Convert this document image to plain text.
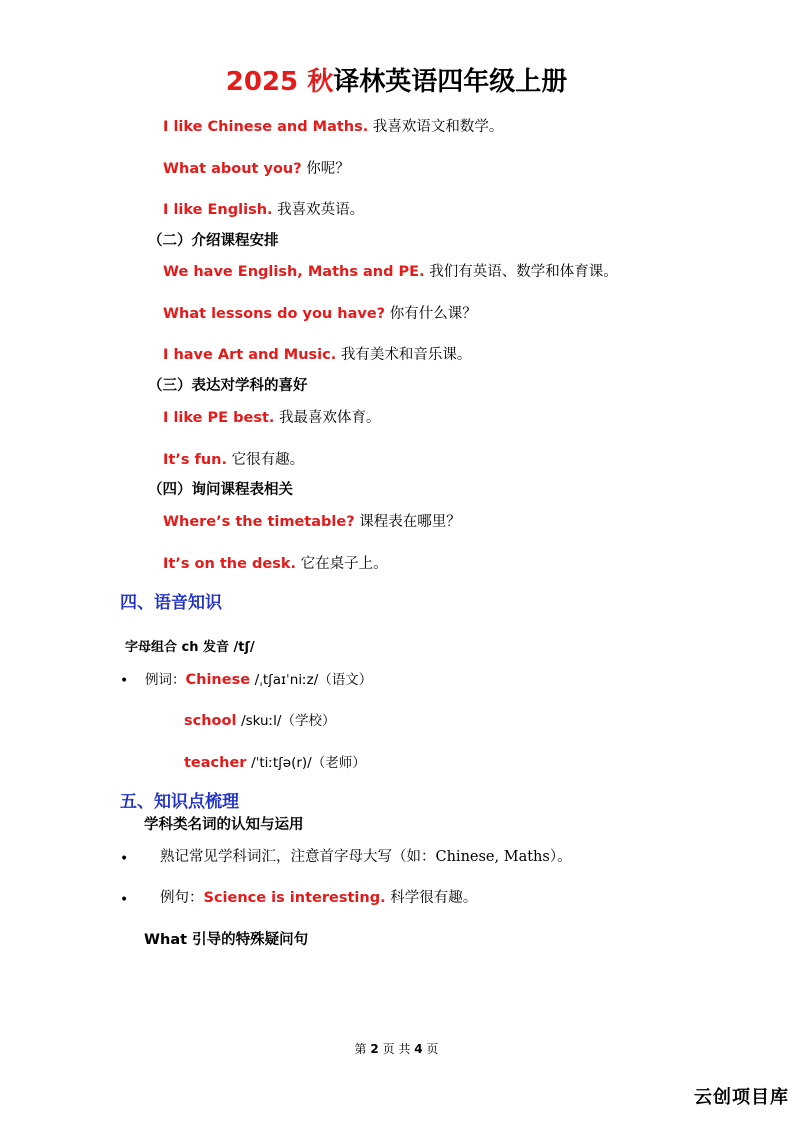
2025 秋译林英语四年级上册
I like Chinese and Maths. 我喜欢语文和数学。
What about you? 你呢？
I like English. 我喜欢英语。
（二）介绍课程安排
We have English, Maths and PE. 我们有英语、数学和体育课。
What lessons do you have? 你有什么课？
I have Art and Music. 我有美术和音乐课。
（三）表达对学科的喜好
I like PE best. 我最喜欢体育。
It’s fun. 它很有趣。
（四）询问课程表相关
Where’s the timetable? 课程表在哪里？
It’s on the desk. 它在桌子上。
四、语音知识
字母组合 ch 发音 /tʃ/
• 例词：Chinese /ˌtʃaɪˈniːz/（语文）
school /skuːl/（学校）
teacher /ˈtiːtʃə(r)/（老师）
五、知识点梳理
学科类名词的认知与运用
• 熟记常见学科词汇，注意首字母大写（如：Chinese, Maths）。
• 例句：Science is interesting. 科学很有趣。
What 引导的特殊疑问句
第 2 页 共 4 页
云创项目库
